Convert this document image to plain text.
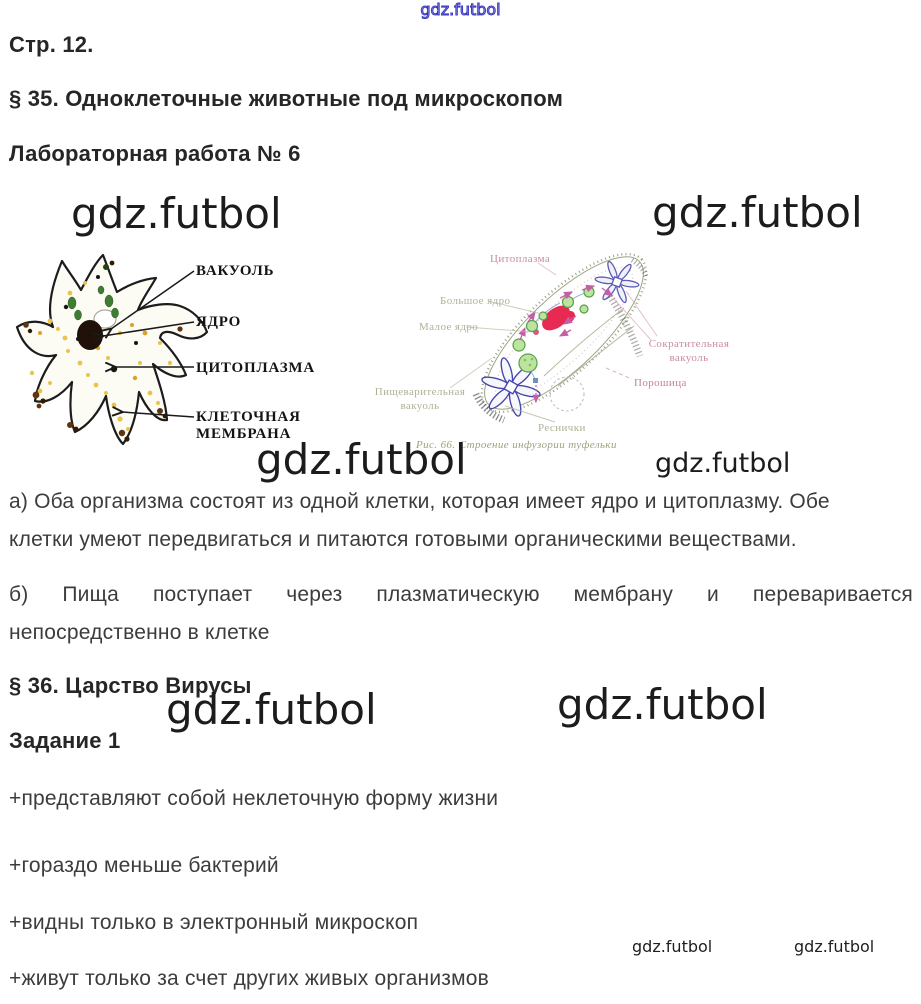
gdz.futbol
Стр. 12.
§ 35. Одноклеточные животные под микроскопом
Лабораторная работа № 6
gdz.futbol	gdz.futbol
ВАКУОЛЬ
ЯДРО
ЦИТОПЛАЗМА
КЛЕТОЧНАЯ
МЕМБРАНА
Цитоплазма
Большое ядро
Малое ядро
Сократительная
вакуоль
Порошица
Пищеварительная
вакуоль
Реснички
Рис. 66. Строение инфузории туфельки
gdz.futbol	gdz.futbol
а) Оба организма состоят из одной клетки, которая имеет ядро и цитоплазму. Обе
клетки умеют передвигаться и питаются готовыми органическими веществами.
б) Пища поступает через плазматическую мембрану и переваривается
непосредственно в клетке
§ 36. Царство Вирусы
gdz.futbol	gdz.futbol
Задание 1
+представляют собой неклеточную форму жизни
+гораздо меньше бактерий
+видны только в электронный микроскоп
+живут только за счет других живых организмов
gdz.futbol	gdz.futbol
